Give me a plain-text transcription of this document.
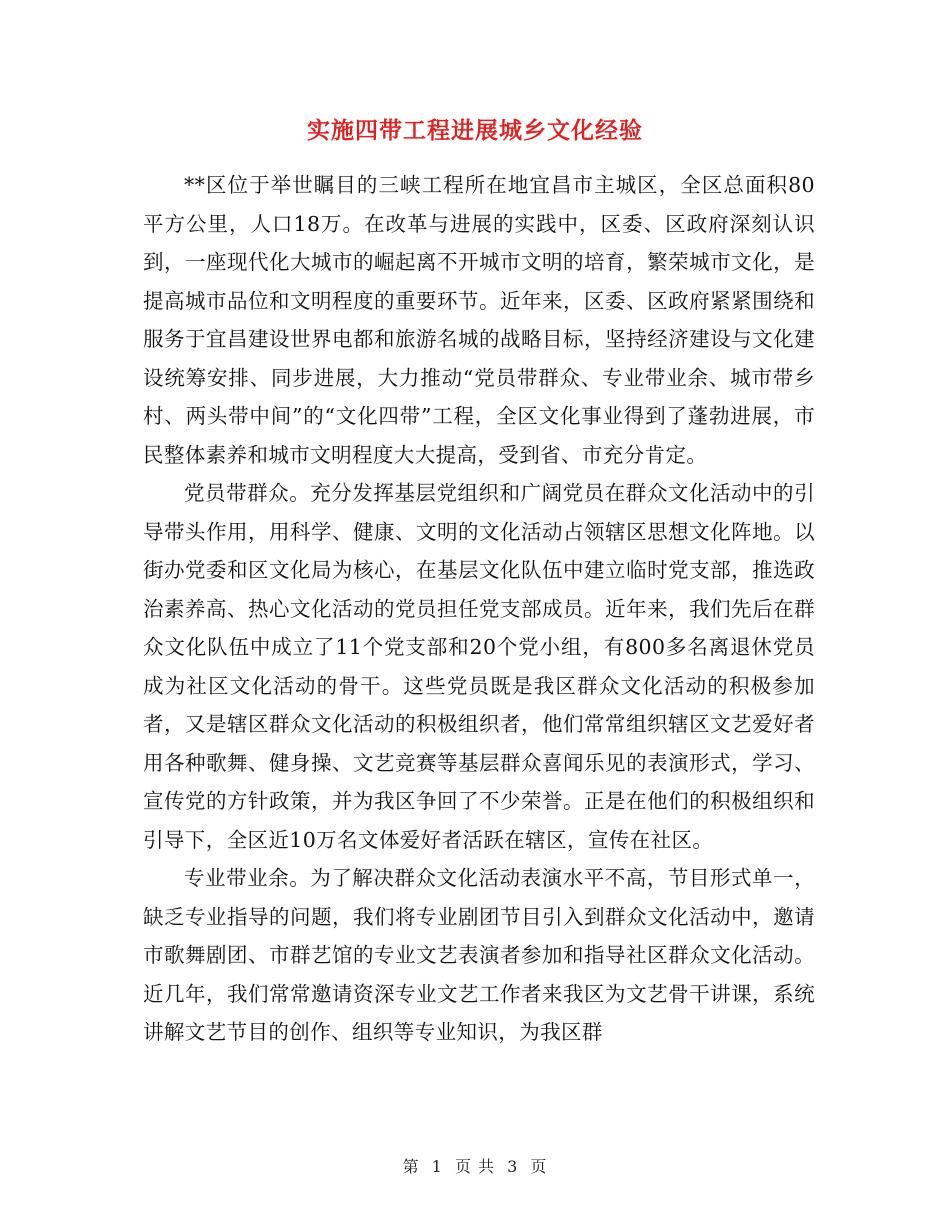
实施四带工程进展城乡文化经验

**区位于举世瞩目的三峡工程所在地宜昌市主城区，全区总面积80平方公里，人口18万。在改革与进展的实践中，区委、区政府深刻认识到，一座现代化大城市的崛起离不开城市文明的培育，繁荣城市文化，是提高城市品位和文明程度的重要环节。近年来，区委、区政府紧紧围绕和服务于宜昌建设世界电都和旅游名城的战略目标，坚持经济建设与文化建设统筹安排、同步进展，大力推动“党员带群众、专业带业余、城市带乡村、两头带中间”的“文化四带”工程，全区文化事业得到了蓬勃进展，市民整体素养和城市文明程度大大提高，受到省、市充分肯定。

党员带群众。充分发挥基层党组织和广阔党员在群众文化活动中的引导带头作用，用科学、健康、文明的文化活动占领辖区思想文化阵地。以街办党委和区文化局为核心，在基层文化队伍中建立临时党支部，推选政治素养高、热心文化活动的党员担任党支部成员。近年来，我们先后在群众文化队伍中成立了11个党支部和20个党小组，有800多名离退休党员成为社区文化活动的骨干。这些党员既是我区群众文化活动的积极参加者，又是辖区群众文化活动的积极组织者，他们常常组织辖区文艺爱好者用各种歌舞、健身操、文艺竞赛等基层群众喜闻乐见的表演形式，学习、宣传党的方针政策，并为我区争回了不少荣誉。正是在他们的积极组织和引导下，全区近10万名文体爱好者活跃在辖区，宣传在社区。

专业带业余。为了解决群众文化活动表演水平不高，节目形式单一，缺乏专业指导的问题，我们将专业剧团节目引入到群众文化活动中，邀请市歌舞剧团、市群艺馆的专业文艺表演者参加和指导社区群众文化活动。近几年，我们常常邀请资深专业文艺工作者来我区为文艺骨干讲课，系统讲解文艺节目的创作、组织等专业知识，为我区群

第 1 页 共 3 页
